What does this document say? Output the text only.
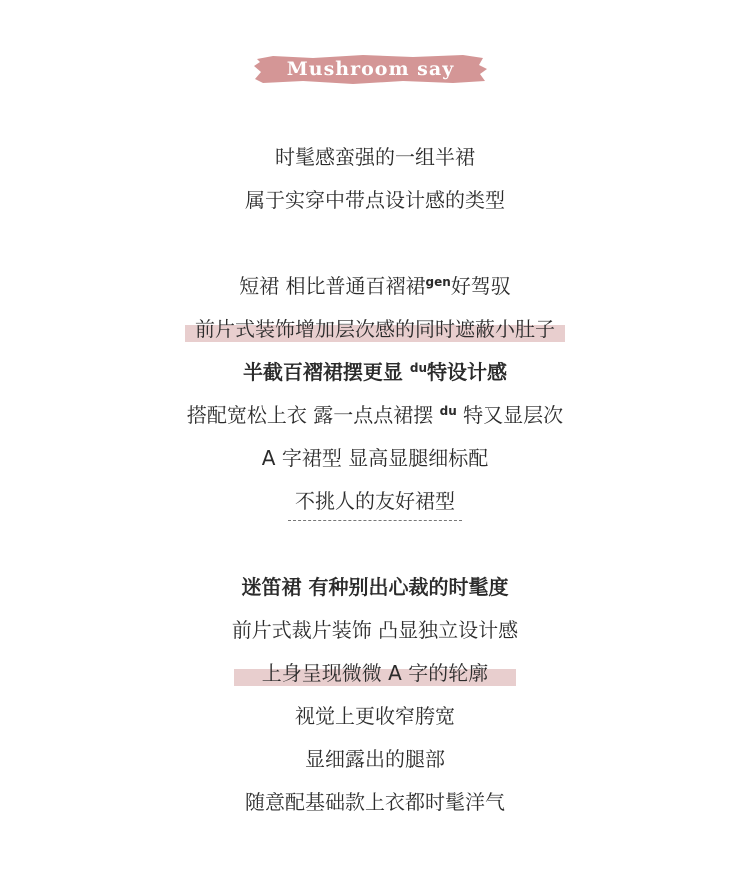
Mushroom say
时髦感蛮强的一组半裙
属于实穿中带点设计感的类型
短裙 相比普通百褶裙$^{gen}$好驾驭
前片式装饰增加层次感的同时遮蔽小肚子
半截百褶裙摆更显 $^{du}$特设计感
搭配宽松上衣 露一点点裙摆 $^{du}$ 特又显层次
A 字裙型 显高显腿细标配
不挑人的友好裙型
迷笛裙 有种别出心裁的时髦度
前片式裁片装饰 凸显独立设计感
上身呈现微微 A 字的轮廓
视觉上更收窄胯宽
显细露出的腿部
随意配基础款上衣都时髦洋气
